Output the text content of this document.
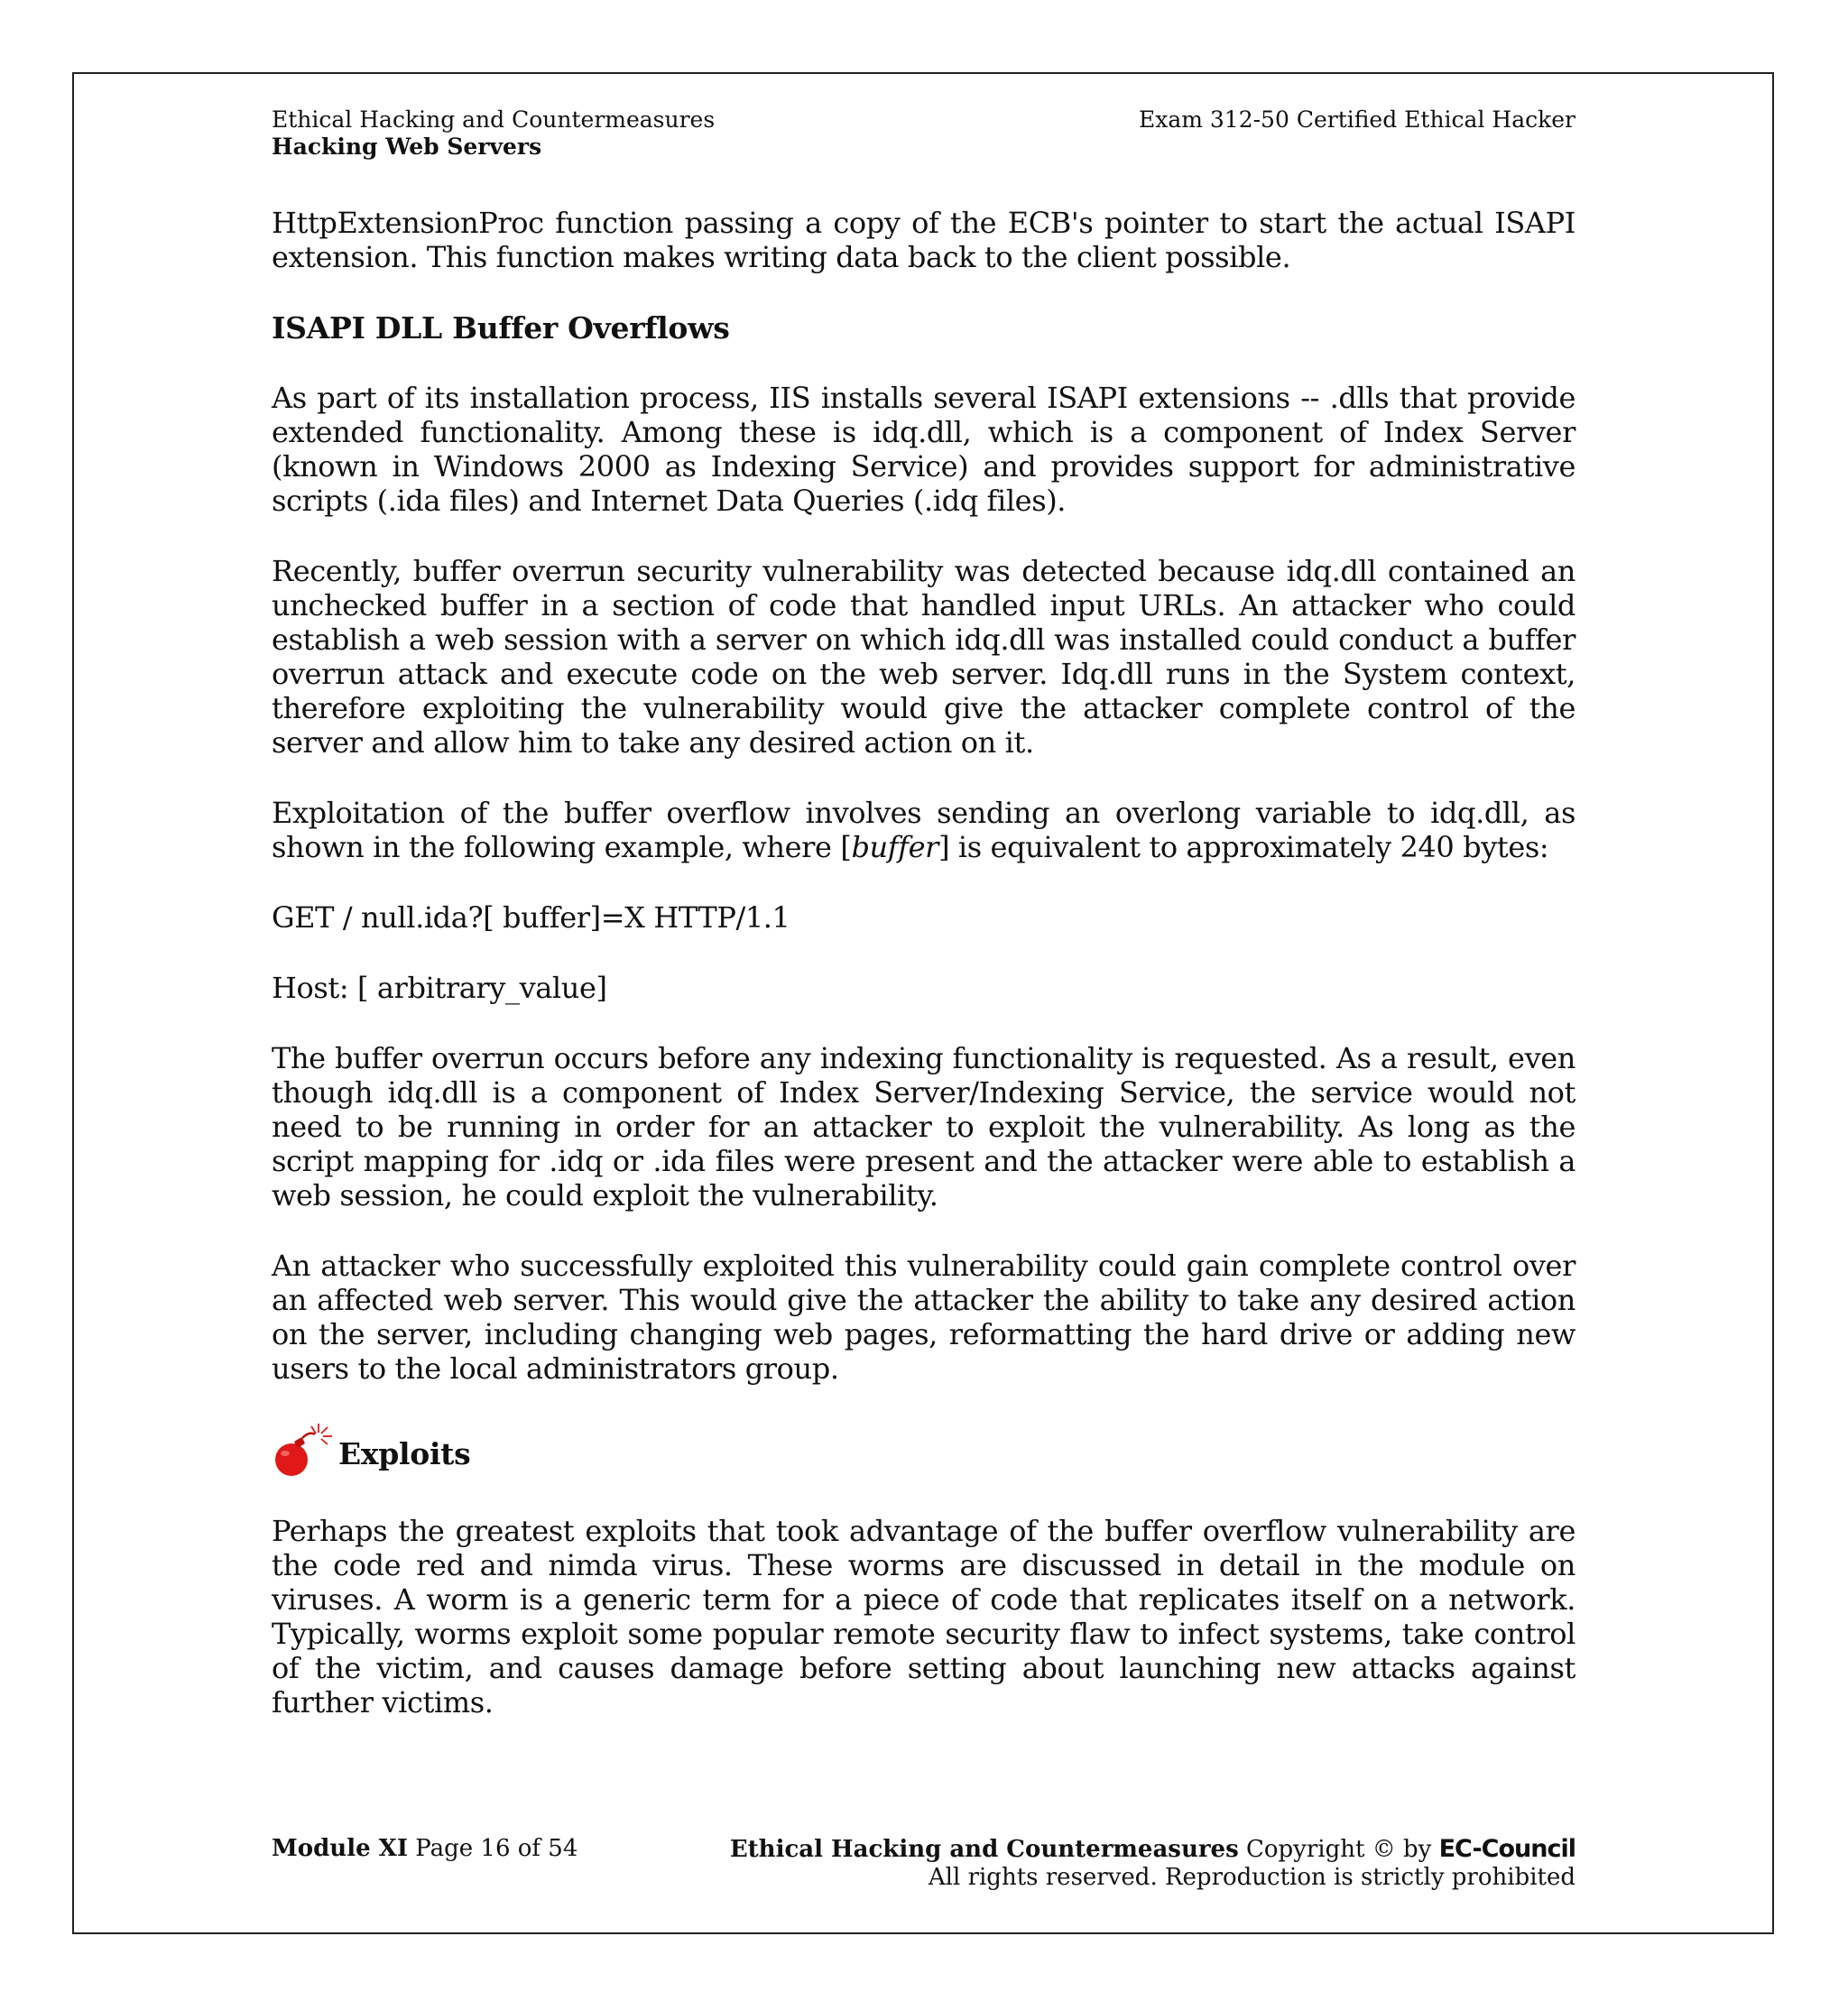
Ethical Hacking and Countermeasures
Hacking Web Servers
Exam 312-50 Certified Ethical Hacker

HttpExtensionProc function passing a copy of the ECB's pointer to start the actual ISAPI extension. This function makes writing data back to the client possible.

ISAPI DLL Buffer Overflows

As part of its installation process, IIS installs several ISAPI extensions -- .dlls that provide extended functionality. Among these is idq.dll, which is a component of Index Server (known in Windows 2000 as Indexing Service) and provides support for administrative scripts (.ida files) and Internet Data Queries (.idq files).

Recently, buffer overrun security vulnerability was detected because idq.dll contained an unchecked buffer in a section of code that handled input URLs. An attacker who could establish a web session with a server on which idq.dll was installed could conduct a buffer overrun attack and execute code on the web server. Idq.dll runs in the System context, therefore exploiting the vulnerability would give the attacker complete control of the server and allow him to take any desired action on it.

Exploitation of the buffer overflow involves sending an overlong variable to idq.dll, as shown in the following example, where [buffer] is equivalent to approximately 240 bytes:

GET / null.ida?[ buffer]=X HTTP/1.1

Host: [ arbitrary_value]

The buffer overrun occurs before any indexing functionality is requested. As a result, even though idq.dll is a component of Index Server/Indexing Service, the service would not need to be running in order for an attacker to exploit the vulnerability. As long as the script mapping for .idq or .ida files were present and the attacker were able to establish a web session, he could exploit the vulnerability.

An attacker who successfully exploited this vulnerability could gain complete control over an affected web server. This would give the attacker the ability to take any desired action on the server, including changing web pages, reformatting the hard drive or adding new users to the local administrators group.

Exploits

Perhaps the greatest exploits that took advantage of the buffer overflow vulnerability are the code red and nimda virus. These worms are discussed in detail in the module on viruses. A worm is a generic term for a piece of code that replicates itself on a network. Typically, worms exploit some popular remote security flaw to infect systems, take control of the victim, and causes damage before setting about launching new attacks against further victims.

Module XI Page 16 of 54	Ethical Hacking and Countermeasures Copyright © by EC-Council
All rights reserved. Reproduction is strictly prohibited
